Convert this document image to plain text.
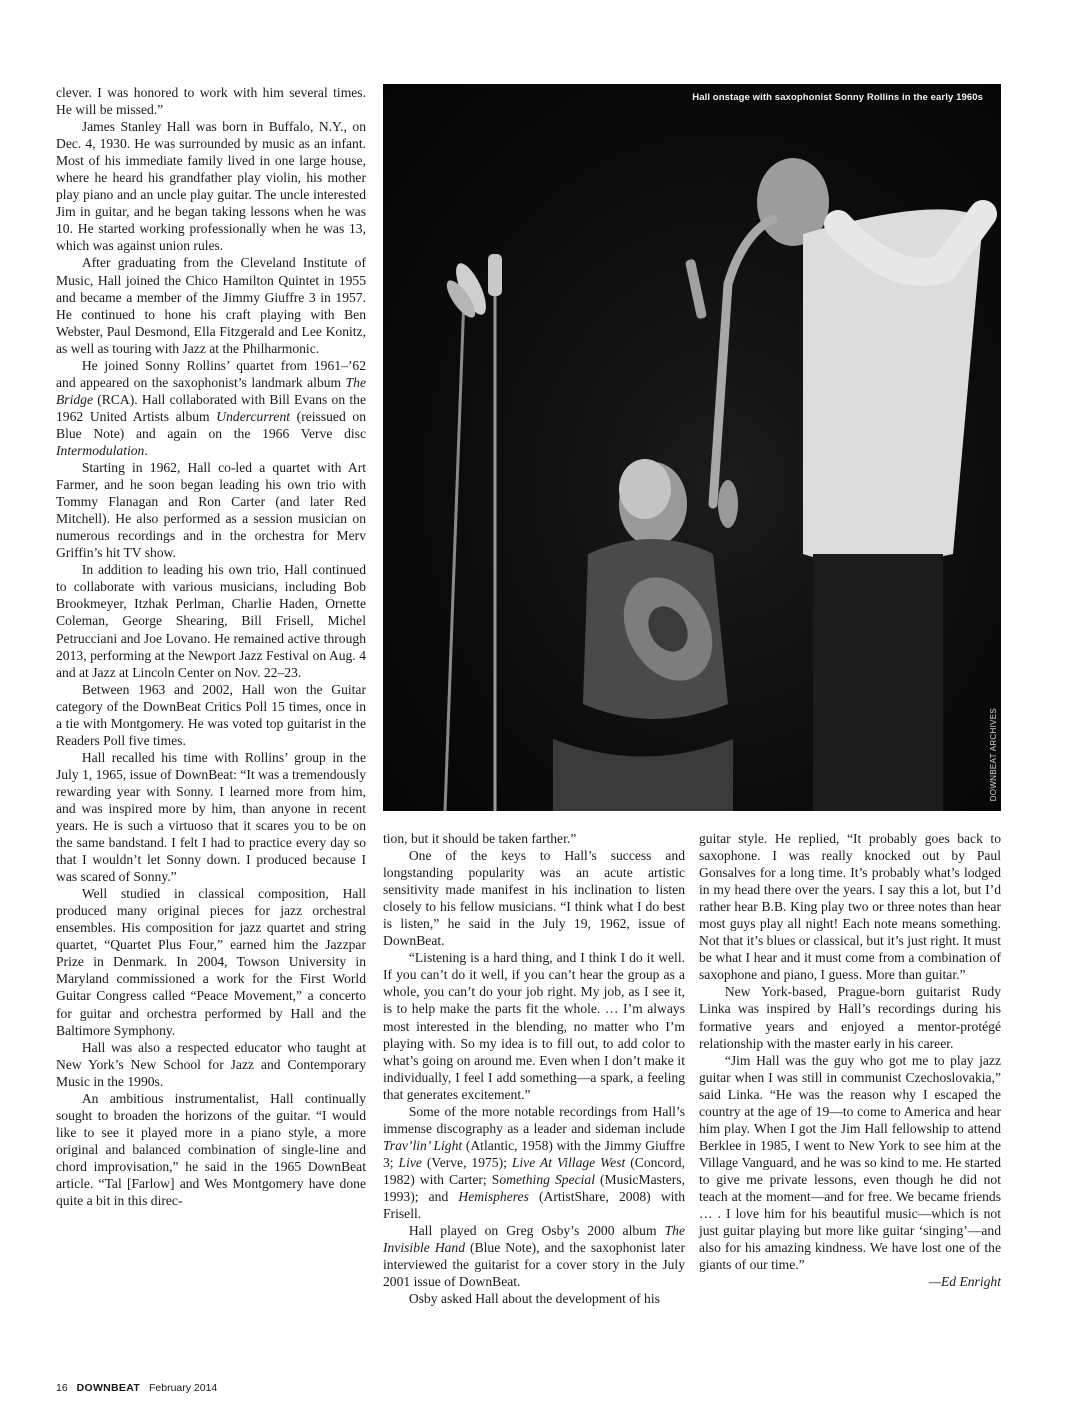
clever. I was honored to work with him several times. He will be missed.”

James Stanley Hall was born in Buffalo, N.Y., on Dec. 4, 1930. He was surrounded by music as an infant. Most of his immediate family lived in one large house, where he heard his grandfather play violin, his mother play piano and an uncle play guitar. The uncle interested Jim in guitar, and he began taking lessons when he was 10. He started working professionally when he was 13, which was against union rules.

After graduating from the Cleveland Institute of Music, Hall joined the Chico Hamilton Quintet in 1955 and became a member of the Jimmy Giuffre 3 in 1957. He continued to hone his craft playing with Ben Webster, Paul Desmond, Ella Fitzgerald and Lee Konitz, as well as touring with Jazz at the Philharmonic.

He joined Sonny Rollins’ quartet from 1961–’62 and appeared on the saxophonist’s landmark album The Bridge (RCA). Hall collaborated with Bill Evans on the 1962 United Artists album Undercurrent (reissued on Blue Note) and again on the 1966 Verve disc Intermodulation.

Starting in 1962, Hall co-led a quartet with Art Farmer, and he soon began leading his own trio with Tommy Flanagan and Ron Carter (and later Red Mitchell). He also performed as a session musician on numerous recordings and in the orchestra for Merv Griffin’s hit TV show.

In addition to leading his own trio, Hall continued to collaborate with various musicians, including Bob Brookmeyer, Itzhak Perlman, Charlie Haden, Ornette Coleman, George Shearing, Bill Frisell, Michel Petrucciani and Joe Lovano. He remained active through 2013, performing at the Newport Jazz Festival on Aug. 4 and at Jazz at Lincoln Center on Nov. 22–23.

Between 1963 and 2002, Hall won the Guitar category of the DownBeat Critics Poll 15 times, once in a tie with Montgomery. He was voted top guitarist in the Readers Poll five times.

Hall recalled his time with Rollins’ group in the July 1, 1965, issue of DownBeat: “It was a tremendously rewarding year with Sonny. I learned more from him, and was inspired more by him, than anyone in recent years. He is such a virtuoso that it scares you to be on the same bandstand. I felt I had to practice every day so that I wouldn’t let Sonny down. I produced because I was scared of Sonny.”

Well studied in classical composition, Hall produced many original pieces for jazz orchestral ensembles. His composition for jazz quartet and string quartet, “Quartet Plus Four,” earned him the Jazzpar Prize in Denmark. In 2004, Towson University in Maryland commissioned a work for the First World Guitar Congress called “Peace Movement,” a concerto for guitar and orchestra performed by Hall and the Baltimore Symphony.

Hall was also a respected educator who taught at New York’s New School for Jazz and Contemporary Music in the 1990s.

An ambitious instrumentalist, Hall continually sought to broaden the horizons of the guitar. “I would like to see it played more in a piano style, a more original and balanced combination of single-line and chord improvisation,” he said in the 1965 DownBeat article. “Tal [Farlow] and Wes Montgomery have done quite a bit in this direc-

Hall onstage with saxophonist Sonny Rollins in the early 1960s
DOWNBEAT ARCHIVES

tion, but it should be taken farther.”

One of the keys to Hall’s success and longstanding popularity was an acute artistic sensitivity made manifest in his inclination to listen closely to his fellow musicians. “I think what I do best is listen,” he said in the July 19, 1962, issue of DownBeat.

“Listening is a hard thing, and I think I do it well. If you can’t do it well, if you can’t hear the group as a whole, you can’t do your job right. My job, as I see it, is to help make the parts fit the whole. … I’m always most interested in the blending, no matter who I’m playing with. So my idea is to fill out, to add color to what’s going on around me. Even when I don’t make it individually, I feel I add something—a spark, a feeling that generates excitement.”

Some of the more notable recordings from Hall’s immense discography as a leader and sideman include Trav’lin’ Light (Atlantic, 1958) with the Jimmy Giuffre 3; Live (Verve, 1975); Live At Village West (Concord, 1982) with Carter; Something Special (MusicMasters, 1993); and Hemispheres (ArtistShare, 2008) with Frisell.

Hall played on Greg Osby’s 2000 album The Invisible Hand (Blue Note), and the saxophonist later interviewed the guitarist for a cover story in the July 2001 issue of DownBeat.

Osby asked Hall about the development of his

guitar style. He replied, “It probably goes back to saxophone. I was really knocked out by Paul Gonsalves for a long time. It’s probably what’s lodged in my head there over the years. I say this a lot, but I’d rather hear B.B. King play two or three notes than hear most guys play all night! Each note means something. Not that it’s blues or classical, but it’s just right. It must be what I hear and it must come from a combination of saxophone and piano, I guess. More than guitar.”

New York-based, Prague-born guitarist Rudy Linka was inspired by Hall’s recordings during his formative years and enjoyed a mentor-protégé relationship with the master early in his career.

“Jim Hall was the guy who got me to play jazz guitar when I was still in communist Czechoslovakia,” said Linka. “He was the reason why I escaped the country at the age of 19—to come to America and hear him play. When I got the Jim Hall fellowship to attend Berklee in 1985, I went to New York to see him at the Village Vanguard, and he was so kind to me. He started to give me private lessons, even though he did not teach at the moment—and for free. We became friends … . I love him for his beautiful music—which is not just guitar playing but more like guitar ‘singing’—and also for his amazing kindness. We have lost one of the giants of our time.”

—Ed Enright

16 DOWNBEAT February 2014
